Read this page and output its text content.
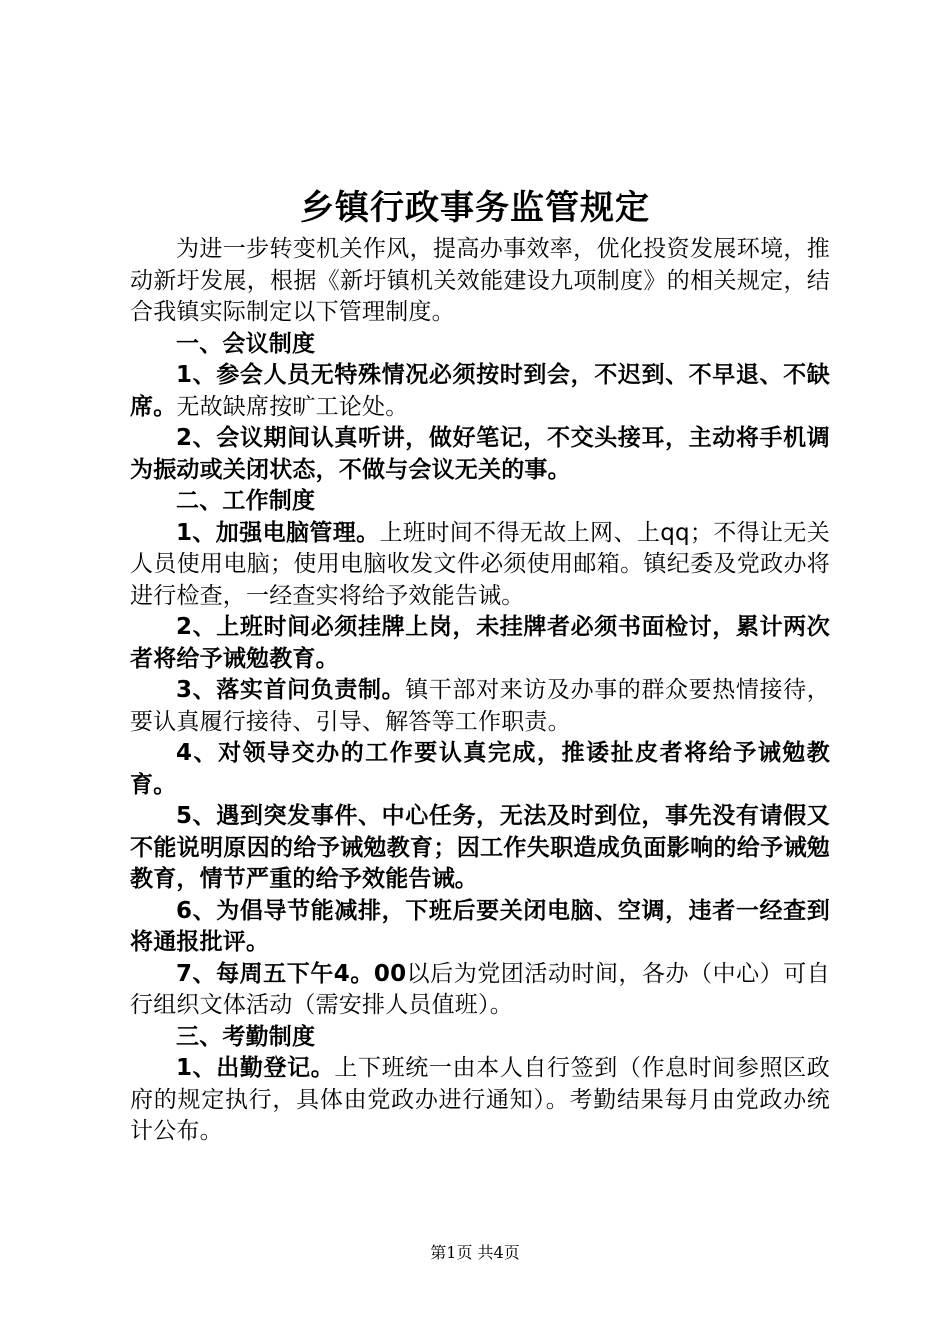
乡镇行政事务监管规定

为进一步转变机关作风，提高办事效率，优化投资发展环境，推动新圩发展，根据《新圩镇机关效能建设九项制度》的相关规定，结合我镇实际制定以下管理制度。

一、会议制度

1、参会人员无特殊情况必须按时到会，不迟到、不早退、不缺席。无故缺席按旷工论处。

2、会议期间认真听讲，做好笔记，不交头接耳，主动将手机调为振动或关闭状态，不做与会议无关的事。

二、工作制度

1、加强电脑管理。上班时间不得无故上网、上qq；不得让无关人员使用电脑；使用电脑收发文件必须使用邮箱。镇纪委及党政办将进行检查，一经查实将给予效能告诫。

2、上班时间必须挂牌上岗，未挂牌者必须书面检讨，累计两次者将给予诫勉教育。

3、落实首问负责制。镇干部对来访及办事的群众要热情接待，要认真履行接待、引导、解答等工作职责。

4、对领导交办的工作要认真完成，推诿扯皮者将给予诫勉教育。

5、遇到突发事件、中心任务，无法及时到位，事先没有请假又不能说明原因的给予诫勉教育；因工作失职造成负面影响的给予诫勉教育，情节严重的给予效能告诫。

6、为倡导节能减排，下班后要关闭电脑、空调，违者一经查到将通报批评。

7、每周五下午4。00以后为党团活动时间，各办（中心）可自行组织文体活动（需安排人员值班）。

三、考勤制度

1、出勤登记。上下班统一由本人自行签到（作息时间参照区政府的规定执行，具体由党政办进行通知）。考勤结果每月由党政办统计公布。

第1页 共4页
